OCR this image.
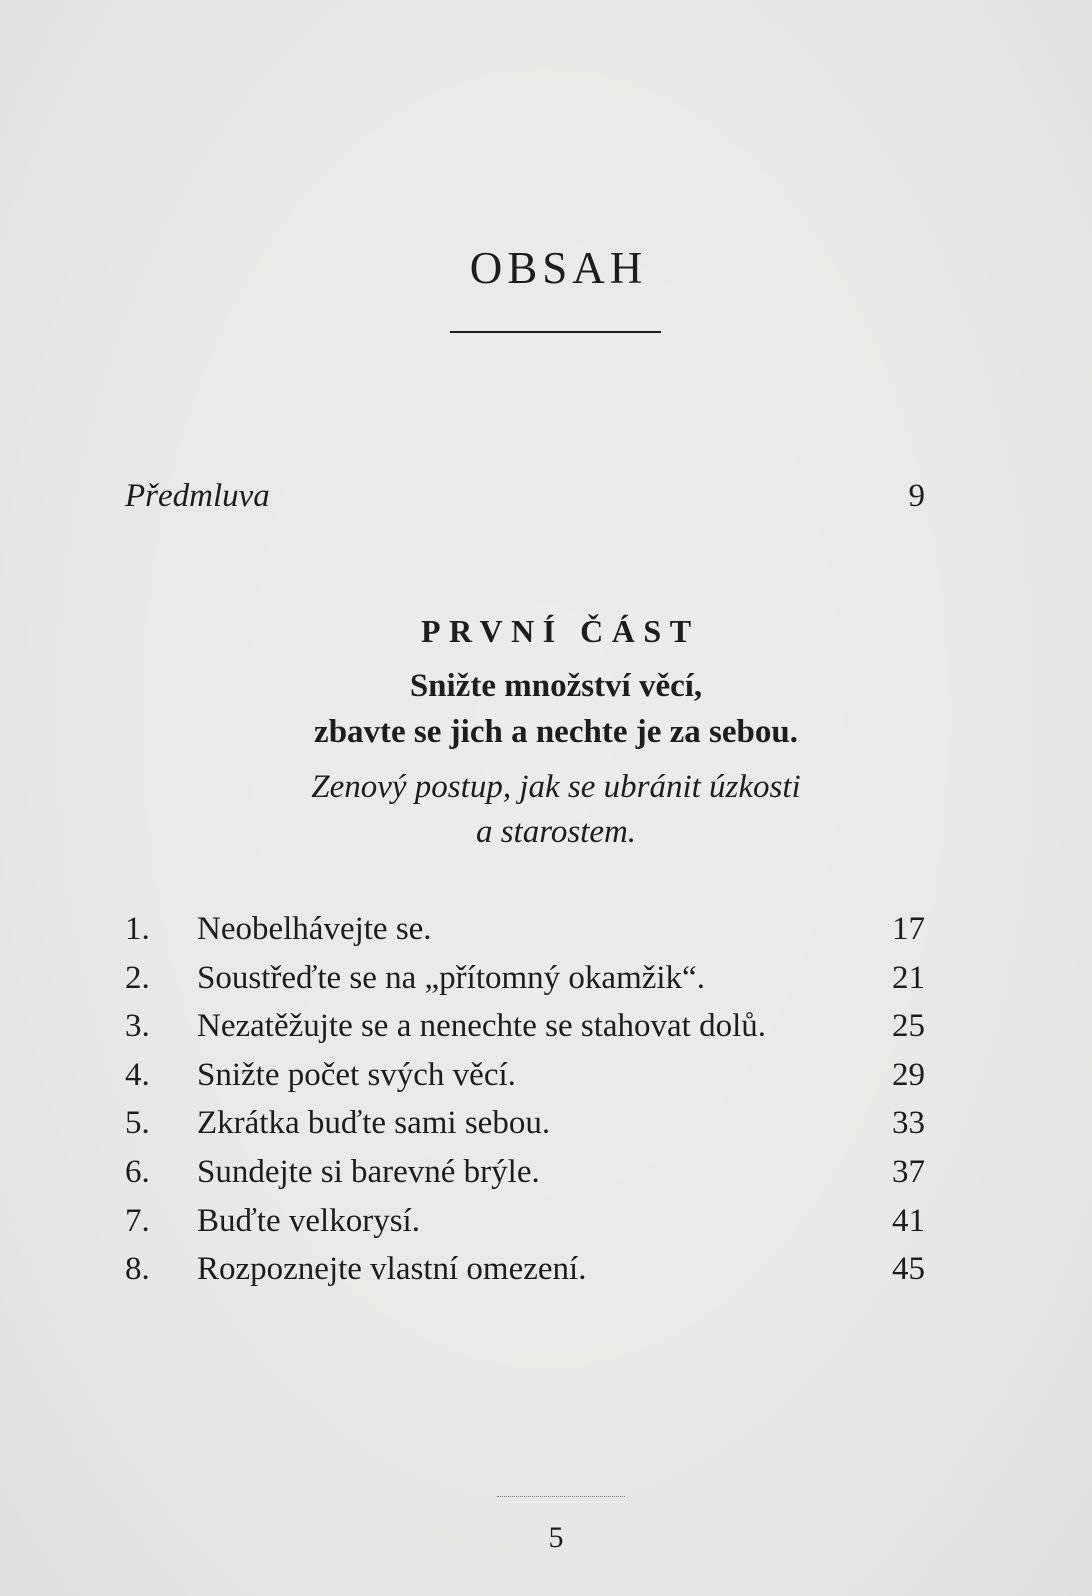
OBSAH
Předmluva	9
PRVNÍ ČÁST
Snižte množství věcí,
zbavte se jich a nechte je za sebou.
Zenový postup, jak se ubránit úzkosti
a starostem.
1.	Neobelhávejte se.	17
2.	Soustřeďte se na „přítomný okamžik“.	21
3.	Nezatěžujte se a nenechte se stahovat dolů.	25
4.	Snižte počet svých věcí.	29
5.	Zkrátka buďte sami sebou.	33
6.	Sundejte si barevné brýle.	37
7.	Buďte velkorysí.	41
8.	Rozpoznejte vlastní omezení.	45
5
